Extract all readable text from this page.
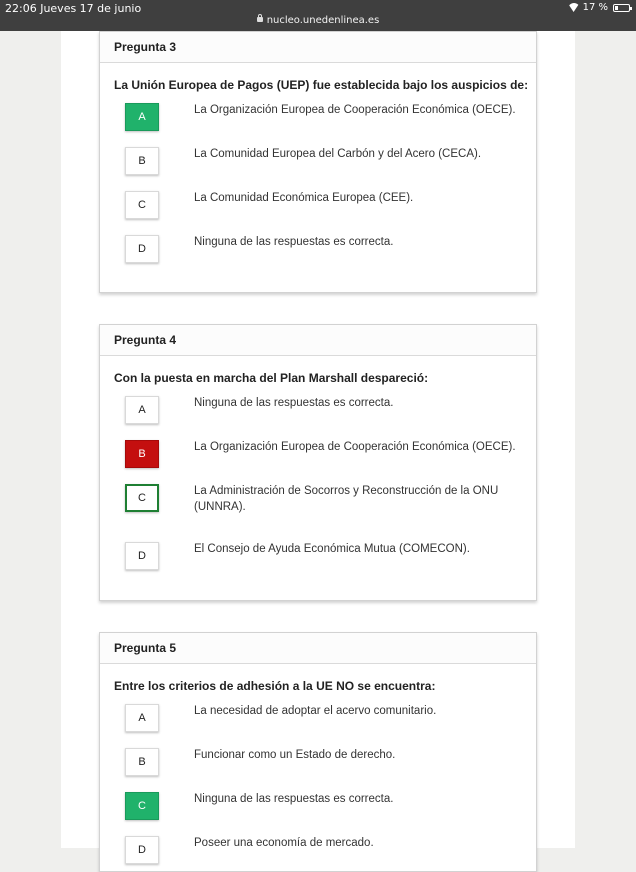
22:06 Jueves 17 de junio
nucleo.unedenlinea.es
17 %
Pregunta 3
La Unión Europea de Pagos (UEP) fue establecida bajo los auspicios de:
A
La Organización Europea de Cooperación Económica (OECE).
B
La Comunidad Europea del Carbón y del Acero (CECA).
C
La Comunidad Económica Europea (CEE).
D
Ninguna de las respuestas es correcta.
Pregunta 4
Con la puesta en marcha del Plan Marshall despareció:
A
Ninguna de las respuestas es correcta.
B
La Organización Europea de Cooperación Económica (OECE).
C
La Administración de Socorros y Reconstrucción de la ONU (UNNRA).
D
El Consejo de Ayuda Económica Mutua (COMECON).
Pregunta 5
Entre los criterios de adhesión a la UE NO se encuentra:
A
La necesidad de adoptar el acervo comunitario.
B
Funcionar como un Estado de derecho.
C
Ninguna de las respuestas es correcta.
D
Poseer una economía de mercado.
